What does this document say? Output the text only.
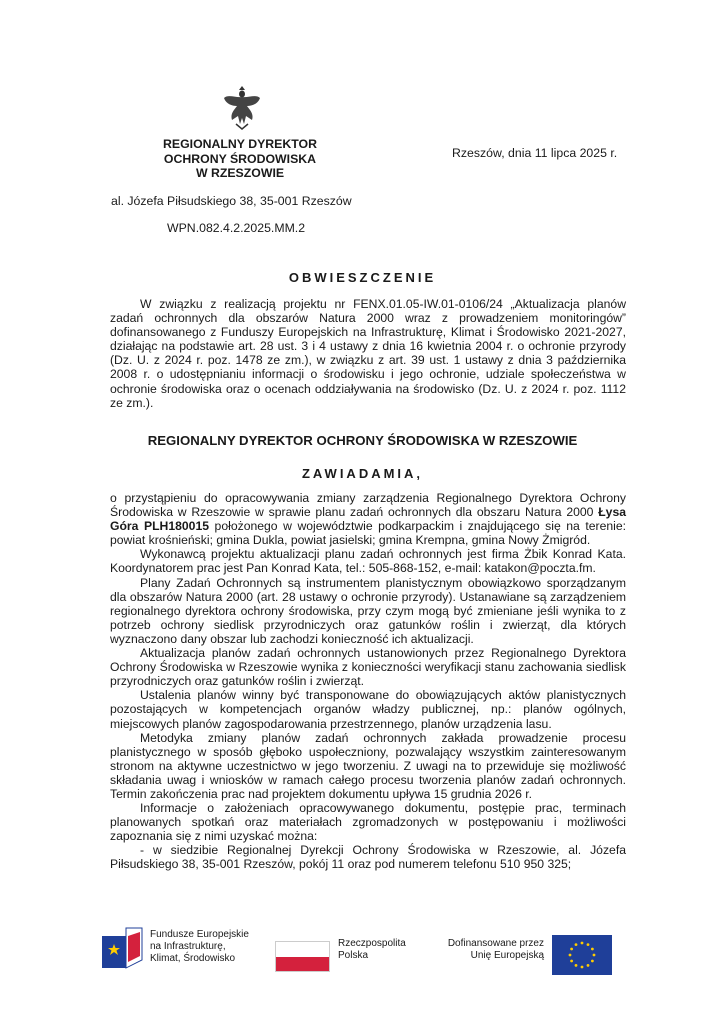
REGIONALNY DYREKTOR
OCHRONY ŚRODOWISKA
W RZESZOWIE
Rzeszów, dnia 11 lipca 2025 r.
al. Józefa Piłsudskiego 38, 35-001 Rzeszów
WPN.082.4.2.2025.MM.2
OBWIESZCZENIE

W związku z realizacją projektu nr FENX.01.05-IW.01-0106/24 „Aktualizacja planów zadań ochronnych dla obszarów Natura 2000 wraz z prowadzeniem monitoringów” dofinansowanego z Funduszy Europejskich na Infrastrukturę, Klimat i Środowisko 2021-2027, działając na podstawie art. 28 ust. 3 i 4 ustawy z dnia 16 kwietnia 2004 r. o ochronie przyrody (Dz. U. z 2024 r. poz. 1478 ze zm.), w związku z art. 39 ust. 1 ustawy z dnia 3 października 2008 r. o udostępnianiu informacji o środowisku i jego ochronie, udziale społeczeństwa w ochronie środowiska oraz o ocenach oddziaływania na środowisko (Dz. U. z 2024 r. poz. 1112 ze zm.).

REGIONALNY DYREKTOR OCHRONY ŚRODOWISKA W RZESZOWIE
ZAWIADAMIA,

o przystąpieniu do opracowywania zmiany zarządzenia Regionalnego Dyrektora Ochrony Środowiska w Rzeszowie w sprawie planu zadań ochronnych dla obszaru Natura 2000 Łysa Góra PLH180015 położonego w województwie podkarpackim i znajdującego się na terenie: powiat krośnieński; gmina Dukla, powiat jasielski; gmina Krempna, gmina Nowy Żmigród.

Wykonawcą projektu aktualizacji planu zadań ochronnych jest firma Żbik Konrad Kata. Koordynatorem prac jest Pan Konrad Kata, tel.: 505-868-152, e-mail: katakon@poczta.fm.

Plany Zadań Ochronnych są instrumentem planistycznym obowiązkowo sporządzanym dla obszarów Natura 2000 (art. 28 ustawy o ochronie przyrody). Ustanawiane są zarządzeniem regionalnego dyrektora ochrony środowiska, przy czym mogą być zmieniane jeśli wynika to z potrzeb ochrony siedlisk przyrodniczych oraz gatunków roślin i zwierząt, dla których wyznaczono dany obszar lub zachodzi konieczność ich aktualizacji.

Aktualizacja planów zadań ochronnych ustanowionych przez Regionalnego Dyrektora Ochrony Środowiska w Rzeszowie wynika z konieczności weryfikacji stanu zachowania siedlisk przyrodniczych oraz gatunków roślin i zwierząt.

Ustalenia planów winny być transponowane do obowiązujących aktów planistycznych pozostających w kompetencjach organów władzy publicznej, np.: planów ogólnych, miejscowych planów zagospodarowania przestrzennego, planów urządzenia lasu.

Metodyka zmiany planów zadań ochronnych zakłada prowadzenie procesu planistycznego w sposób głęboko uspołeczniony, pozwalający wszystkim zainteresowanym stronom na aktywne uczestnictwo w jego tworzeniu. Z uwagi na to przewiduje się możliwość składania uwag i wniosków w ramach całego procesu tworzenia planów zadań ochronnych. Termin zakończenia prac nad projektem dokumentu upływa 15 grudnia 2026 r.

Informacje o założeniach opracowywanego dokumentu, postępie prac, terminach planowanych spotkań oraz materiałach zgromadzonych w postępowaniu i możliwości zapoznania się z nimi uzyskać można:

- w siedzibie Regionalnej Dyrekcji Ochrony Środowiska w Rzeszowie, al. Józefa Piłsudskiego 38, 35-001 Rzeszów, pokój 11 oraz pod numerem telefonu 510 950 325;

Fundusze Europejskie
na Infrastrukturę,
Klimat, Środowisko
Rzeczpospolita
Polska
Dofinansowane przez
Unię Europejską
